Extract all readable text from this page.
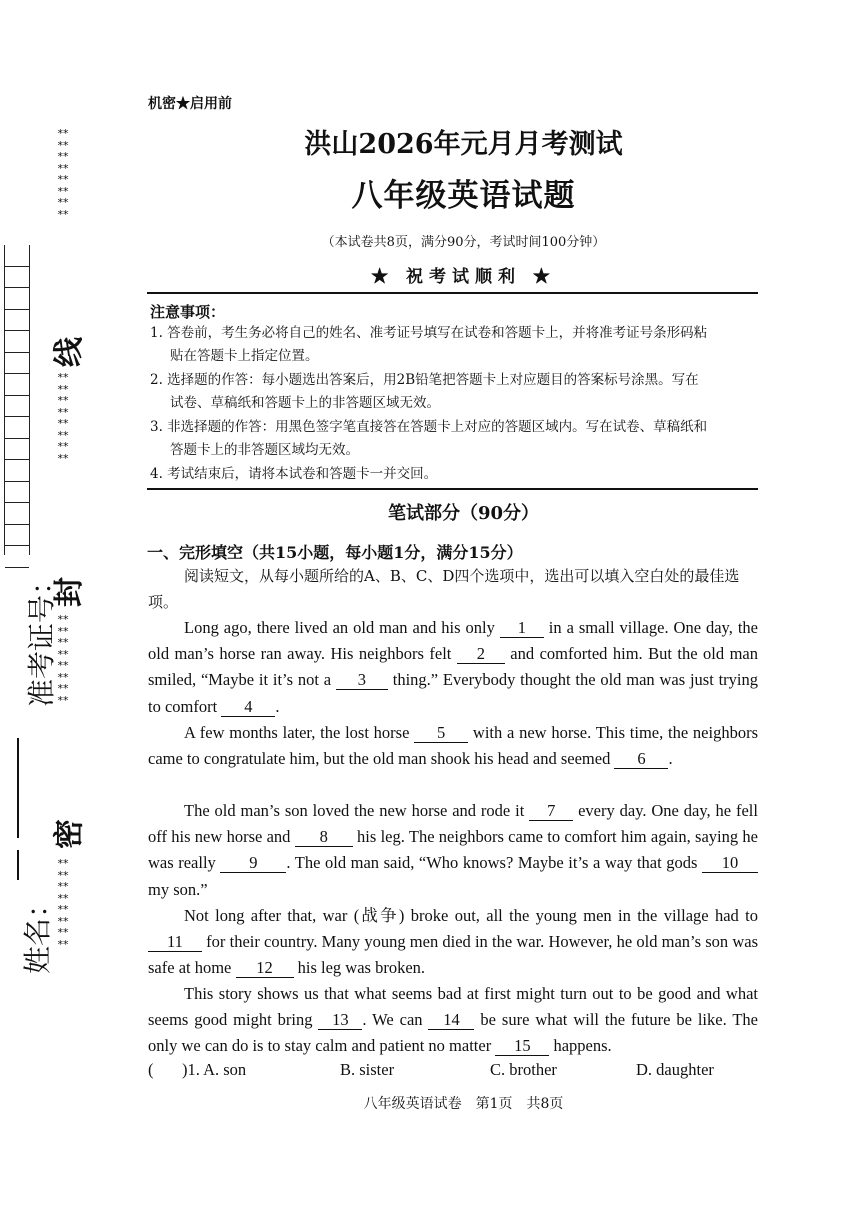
准考证号：
姓名：
****************
线
****************
封
****************
密
****************
机密★启用前
洪山2026年元月月考测试
八年级英语试题
（本试卷共8页，满分90分，考试时间100分钟）
★ 祝考试顺利 ★
注意事项：
1. 答卷前，考生务必将自己的姓名、准考证号填写在试卷和答题卡上，并将准考证号条形码粘
贴在答题卡上指定位置。
2. 选择题的作答：每小题选出答案后，用2B铅笔把答题卡上对应题目的答案标号涂黑。写在
试卷、草稿纸和答题卡上的非答题区域无效。
3. 非选择题的作答：用黑色签字笔直接答在答题卡上对应的答题区域内。写在试卷、草稿纸和
答题卡上的非答题区域均无效。
4. 考试结束后，请将本试卷和答题卡一并交回。
笔试部分（90分）
一、完形填空（共15小题，每小题1分，满分15分）
阅读短文，从每小题所给的A、B、C、D四个选项中，选出可以填入空白处的最佳选项。
Long ago, there lived an old man and his only 1 in a small village. One day, the old man’s horse ran away. His neighbors felt 2 and comforted him. But the old man smiled, “Maybe it it’s not a 3 thing.” Everybody thought the old man was just trying to comfort 4 .
A few months later, the lost horse 5 with a new horse. This time, the neighbors came to congratulate him, but the old man shook his head and seemed 6 .
The old man’s son loved the new horse and rode it 7 every day. One day, he fell off his new horse and 8 his leg. The neighbors came to comfort him again, saying he was really 9 . The old man said, “Who knows? Maybe it’s a way that gods 10 my son.”
Not long after that, war (战争) broke out, all the young men in the village had to 11 for their country. Many young men died in the war. However, he old man’s son was safe at home 12 his leg was broken.
This story shows us that what seems bad at first might turn out to be good and what seems good might bring 13 . We can 14 be sure what will the future be like. The only we can do is to stay calm and patient no matter 15 happens.
( )1. A. son	B. sister	C. brother	D. daughter
八年级英语试卷　第1页　共8页
